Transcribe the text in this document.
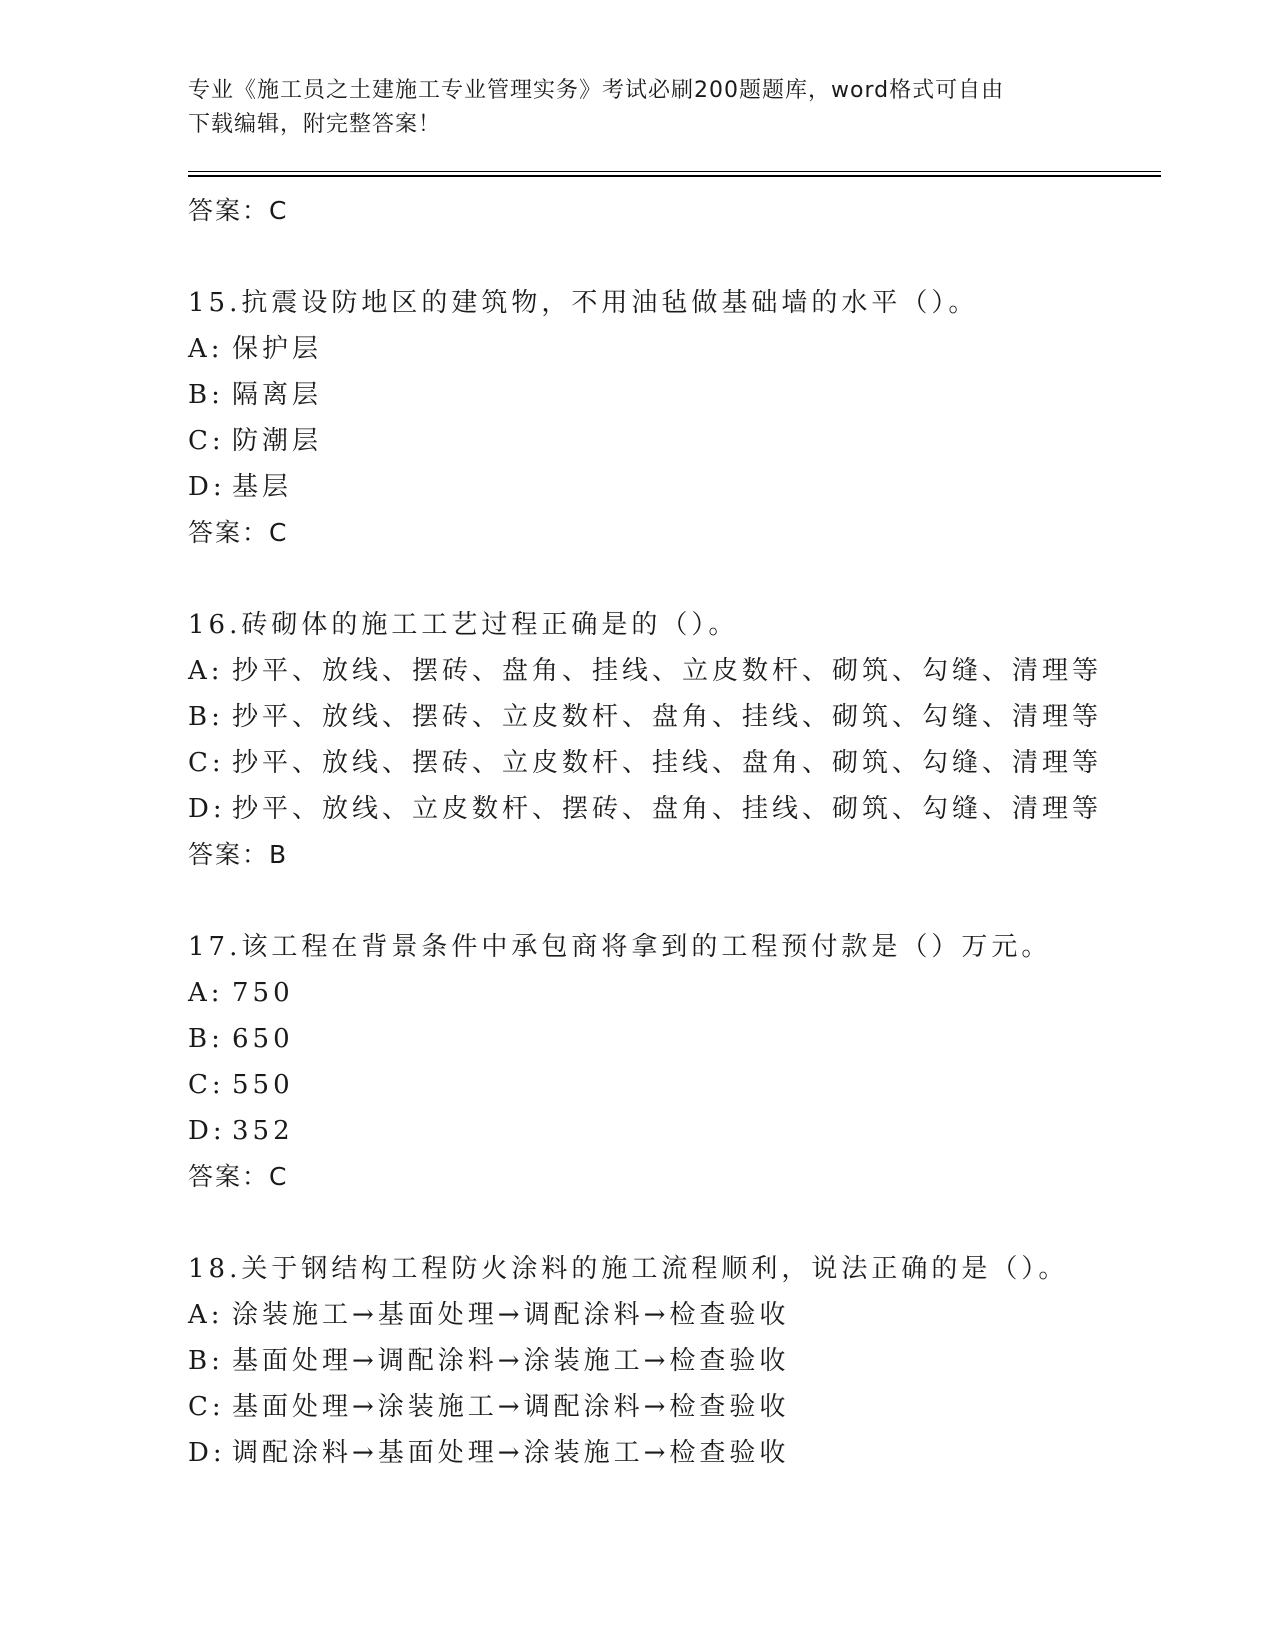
专业《施工员之土建施工专业管理实务》考试必刷200题题库，word格式可自由
下载编辑，附完整答案！
答案：C
15.抗震设防地区的建筑物，不用油毡做基础墙的水平（）。
A: 保护层
B: 隔离层
C: 防潮层
D: 基层
答案：C
16.砖砌体的施工工艺过程正确是的（）。
A: 抄平、放线、摆砖、盘角、挂线、立皮数杆、砌筑、勾缝、清理等
B: 抄平、放线、摆砖、立皮数杆、盘角、挂线、砌筑、勾缝、清理等
C: 抄平、放线、摆砖、立皮数杆、挂线、盘角、砌筑、勾缝、清理等
D: 抄平、放线、立皮数杆、摆砖、盘角、挂线、砌筑、勾缝、清理等
答案：B
17.该工程在背景条件中承包商将拿到的工程预付款是（）万元。
A: 750
B: 650
C: 550
D: 352
答案：C
18.关于钢结构工程防火涂料的施工流程顺利，说法正确的是（）。
A: 涂装施工→基面处理→调配涂料→检查验收
B: 基面处理→调配涂料→涂装施工→检查验收
C: 基面处理→涂装施工→调配涂料→检查验收
D: 调配涂料→基面处理→涂装施工→检查验收
